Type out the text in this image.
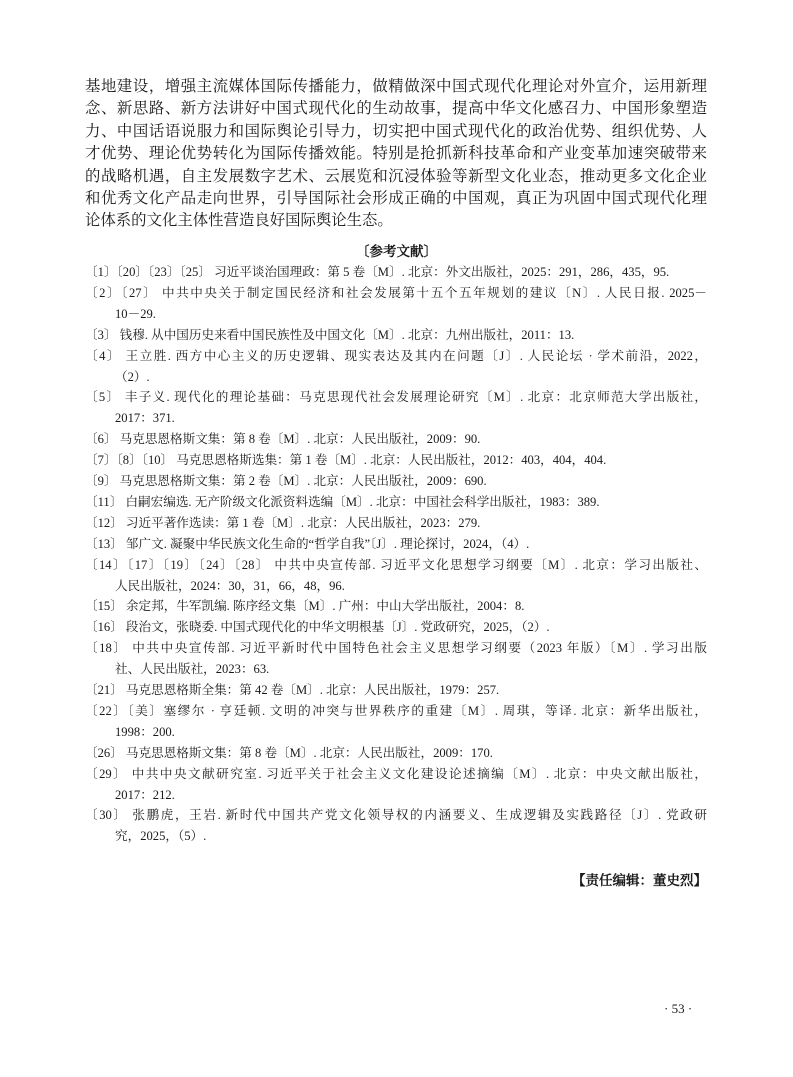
基地建设，增强主流媒体国际传播能力，做精做深中国式现代化理论对外宣介，运用新理
念、新思路、新方法讲好中国式现代化的生动故事，提高中华文化感召力、中国形象塑造
力、中国话语说服力和国际舆论引导力，切实把中国式现代化的政治优势、组织优势、人
才优势、理论优势转化为国际传播效能。特别是抢抓新科技革命和产业变革加速突破带来
的战略机遇，自主发展数字艺术、云展览和沉浸体验等新型文化业态，推动更多文化企业
和优秀文化产品走向世界，引导国际社会形成正确的中国观，真正为巩固中国式现代化理
论体系的文化主体性营造良好国际舆论生态。
〔参考文献〕
〔1〕〔20〕〔23〕〔25〕 习近平谈治国理政：第 5 卷〔M〕. 北京：外文出版社，2025：291，286，435，95.
〔2〕〔27〕 中共中央关于制定国民经济和社会发展第十五个五年规划的建议〔N〕. 人民日报. 2025－
10－29.
〔3〕 钱穆. 从中国历史来看中国民族性及中国文化〔M〕. 北京：九州出版社，2011：13.
〔4〕 王立胜. 西方中心主义的历史逻辑、现实表达及其内在问题〔J〕. 人民论坛 · 学术前沿，2022，
（2）.
〔5〕 丰子义. 现代化的理论基础：马克思现代社会发展理论研究〔M〕. 北京：北京师范大学出版社，
2017：371.
〔6〕 马克思恩格斯文集：第 8 卷〔M〕. 北京：人民出版社，2009：90.
〔7〕〔8〕〔10〕 马克思恩格斯选集：第 1 卷〔M〕. 北京：人民出版社，2012：403，404，404.
〔9〕 马克思恩格斯文集：第 2 卷〔M〕. 北京：人民出版社，2009：690.
〔11〕 白嗣宏编选. 无产阶级文化派资料选编〔M〕. 北京：中国社会科学出版社，1983：389.
〔12〕 习近平著作选读：第 1 卷〔M〕. 北京：人民出版社，2023：279.
〔13〕 邹广文. 凝聚中华民族文化生命的“哲学自我”〔J〕. 理论探讨，2024，（4）.
〔14〕〔17〕〔19〕〔24〕〔28〕 中共中央宣传部. 习近平文化思想学习纲要〔M〕. 北京：学习出版社、
人民出版社，2024：30，31，66，48，96.
〔15〕 余定邦，牛军凯编. 陈序经文集〔M〕. 广州：中山大学出版社，2004：8.
〔16〕 段治文，张晓委. 中国式现代化的中华文明根基〔J〕. 党政研究，2025，（2）.
〔18〕 中共中央宣传部. 习近平新时代中国特色社会主义思想学习纲要（2023 年版）〔M〕. 学习出版
社、人民出版社，2023：63.
〔21〕 马克思恩格斯全集：第 42 卷〔M〕. 北京：人民出版社，1979：257.
〔22〕〔美〕塞缪尔 · 亨廷顿. 文明的冲突与世界秩序的重建〔M〕. 周琪，等译. 北京：新华出版社，
1998：200.
〔26〕 马克思恩格斯文集：第 8 卷〔M〕. 北京：人民出版社，2009：170.
〔29〕 中共中央文献研究室. 习近平关于社会主义文化建设论述摘编〔M〕. 北京：中央文献出版社，
2017：212.
〔30〕 张鹏虎，王岩. 新时代中国共产党文化领导权的内涵要义、生成逻辑及实践路径〔J〕. 党政研
究，2025，（5）.
【责任编辑：董史烈】
· 53 ·
